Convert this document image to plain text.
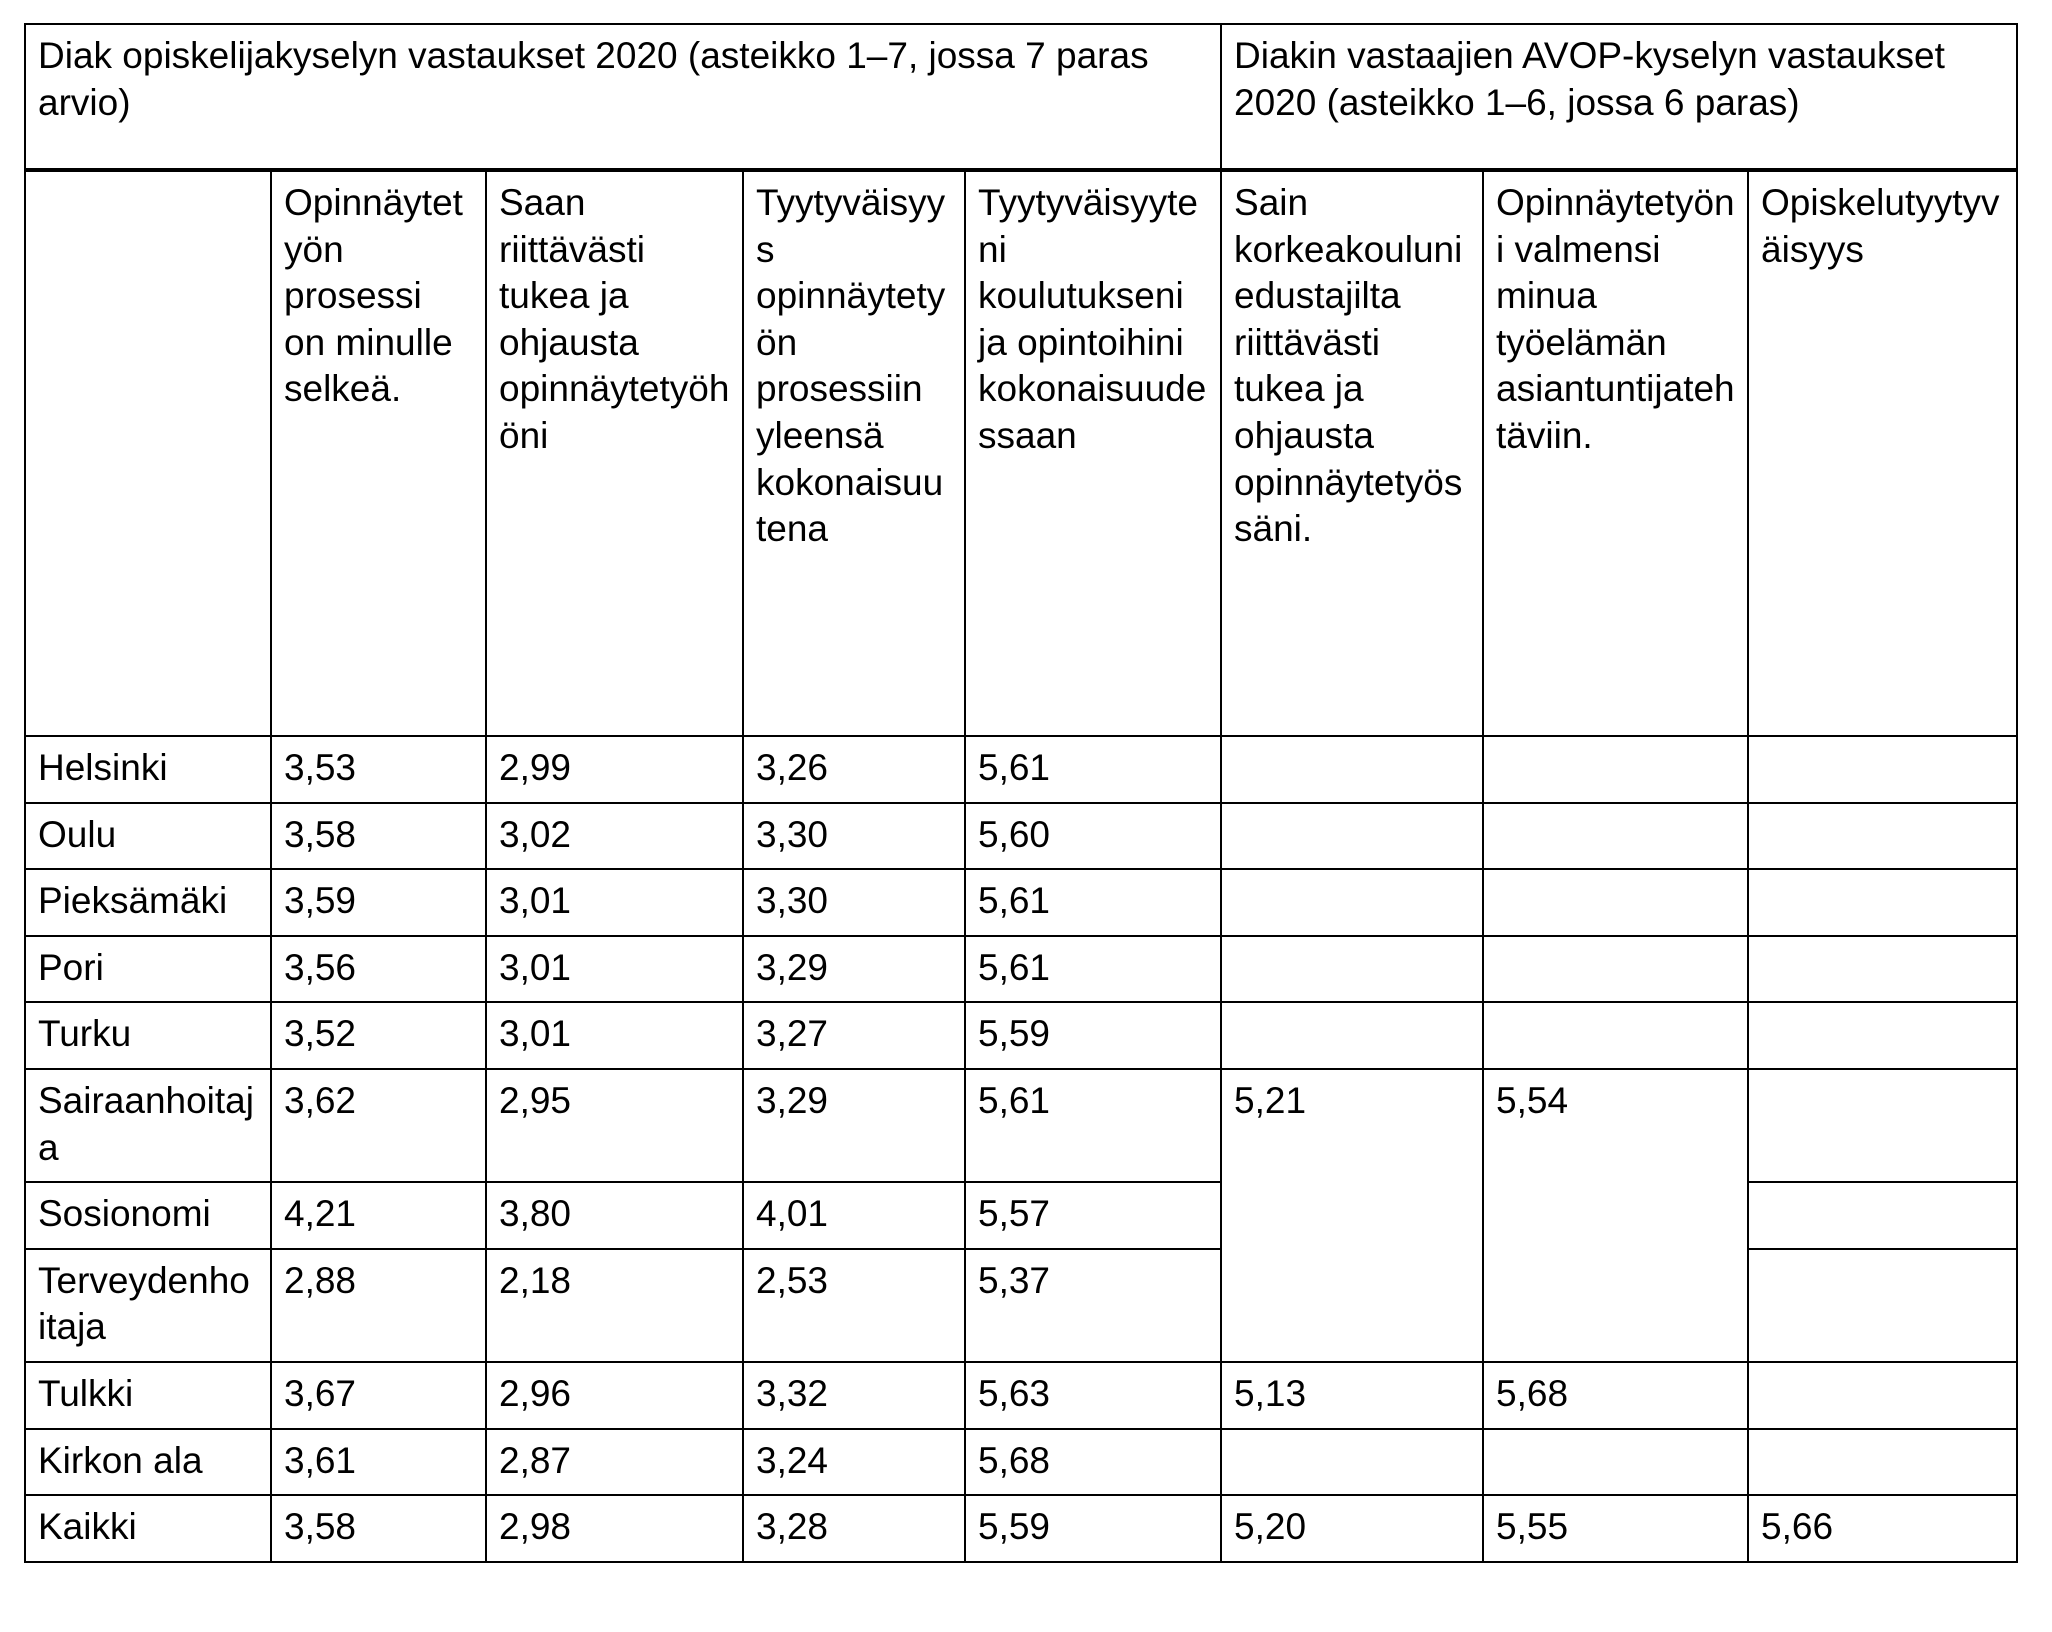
Diak opiskelijakyselyn vastaukset 2020 (asteikko 1–7, jossa 7 paras arvio)					Diakin vastaajien AVOP-kyselyn vastaukset 2020 (asteikko 1–6, jossa 6 paras)		
	Opinnäytetyön prosessi on minulle selkeä.	Saan riittävästi tukea ja ohjausta opinnäytetyöhöni	Tyytyväisyys opinnäytetyön prosessiin yleensä kokonaisuutena	Tyytyväisyyteni koulutukseni ja opintoihini kokonaisuudessaan	Sain korkeakouluni edustajilta riittävästi tukea ja ohjausta opinnäytetyössäni.	Opinnäytetyöni valmensi minua työelämän asiantuntijatehtäviin.	Opiskelutyytyväisyys
Helsinki	3,53	2,99	3,26	5,61			
Oulu	3,58	3,02	3,30	5,60			
Pieksämäki	3,59	3,01	3,30	5,61			
Pori	3,56	3,01	3,29	5,61			
Turku	3,52	3,01	3,27	5,59			
Sairaanhoitaja	3,62	2,95	3,29	5,61	5,21	5,54	
Sosionomi	4,21	3,80	4,01	5,57			
Terveydenhoitaja	2,88	2,18	2,53	5,37			
Tulkki	3,67	2,96	3,32	5,63	5,13	5,68	
Kirkon ala	3,61	2,87	3,24	5,68			
Kaikki	3,58	2,98	3,28	5,59	5,20	5,55	5,66
